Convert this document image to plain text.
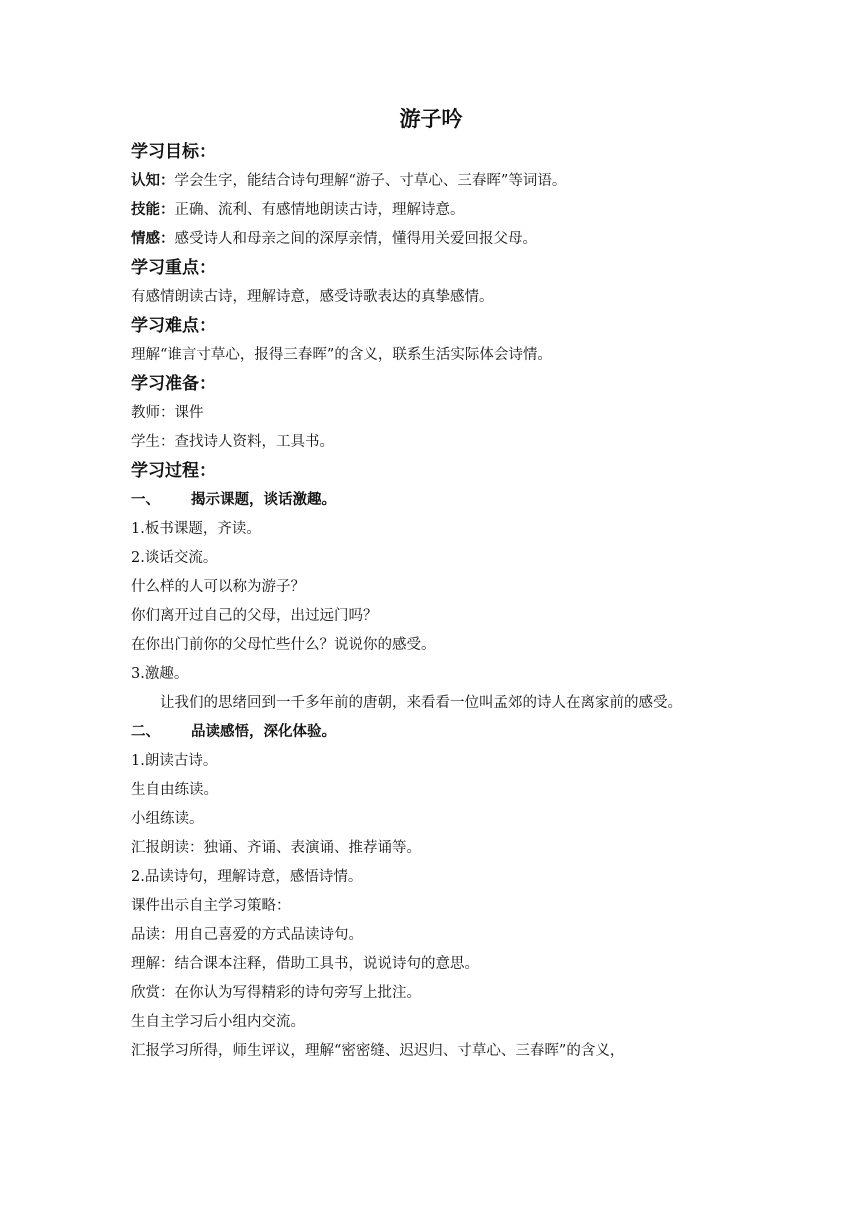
游子吟
学习目标：
认知：学会生字，能结合诗句理解“游子、寸草心、三春晖”等词语。
技能：正确、流利、有感情地朗读古诗，理解诗意。
情感：感受诗人和母亲之间的深厚亲情，懂得用关爱回报父母。
学习重点：
有感情朗读古诗，理解诗意，感受诗歌表达的真挚感情。
学习难点：
理解“谁言寸草心，报得三春晖”的含义，联系生活实际体会诗情。
学习准备：
教师：课件
学生：查找诗人资料，工具书。
学习过程：
一、 揭示课题，谈话激趣。
1.板书课题，齐读。
2.谈话交流。
什么样的人可以称为游子？
你们离开过自己的父母，出过远门吗？
在你出门前你的父母忙些什么？说说你的感受。
3.激趣。
让我们的思绪回到一千多年前的唐朝，来看看一位叫孟郊的诗人在离家前的感受。
二、 品读感悟，深化体验。
1.朗读古诗。
生自由练读。
小组练读。
汇报朗读：独诵、齐诵、表演诵、推荐诵等。
2.品读诗句，理解诗意，感悟诗情。
课件出示自主学习策略：
品读：用自己喜爱的方式品读诗句。
理解：结合课本注释，借助工具书，说说诗句的意思。
欣赏：在你认为写得精彩的诗句旁写上批注。
生自主学习后小组内交流。
汇报学习所得，师生评议，理解“密密缝、迟迟归、寸草心、三春晖”的含义，
